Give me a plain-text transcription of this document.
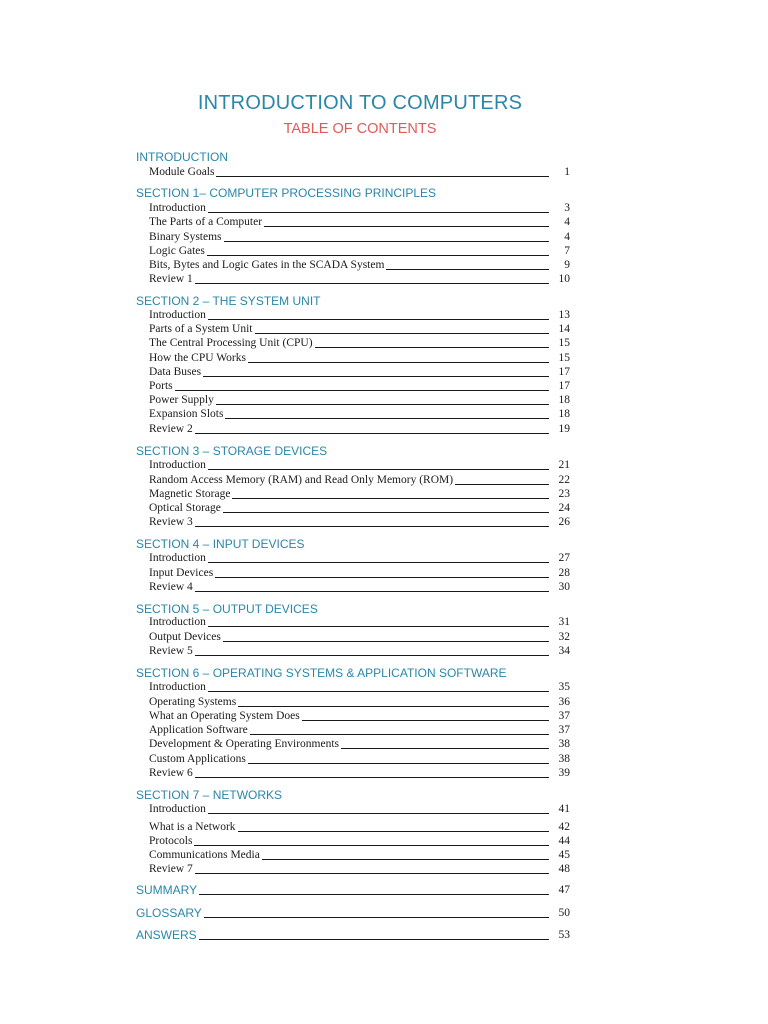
INTRODUCTION TO COMPUTERS
TABLE OF CONTENTS
INTRODUCTION
Module Goals	1
SECTION 1– COMPUTER PROCESSING PRINCIPLES
Introduction	3
The Parts of a Computer	4
Binary Systems	4
Logic Gates	7
Bits, Bytes and Logic Gates in the SCADA System	9
Review 1	10
SECTION 2 – THE SYSTEM UNIT
Introduction	13
Parts of a System Unit	14
The Central Processing Unit (CPU)	15
How the CPU Works	15
Data Buses	17
Ports	17
Power Supply	18
Expansion Slots	18
Review 2	19
SECTION 3 – STORAGE DEVICES
Introduction	21
Random Access Memory (RAM) and Read Only Memory (ROM)	22
Magnetic Storage	23
Optical Storage	24
Review 3	26
SECTION 4 – INPUT DEVICES
Introduction	27
Input Devices	28
Review 4	30
SECTION 5 – OUTPUT DEVICES
Introduction	31
Output Devices	32
Review 5	34
SECTION 6 – OPERATING SYSTEMS & APPLICATION SOFTWARE
Introduction	35
Operating Systems	36
What an Operating System Does	37
Application Software	37
Development & Operating Environments	38
Custom Applications	38
Review 6	39
SECTION 7 – NETWORKS
Introduction	41
What is a Network	42
Protocols	44
Communications Media	45
Review 7	48
SUMMARY	47
GLOSSARY	50
ANSWERS	53
